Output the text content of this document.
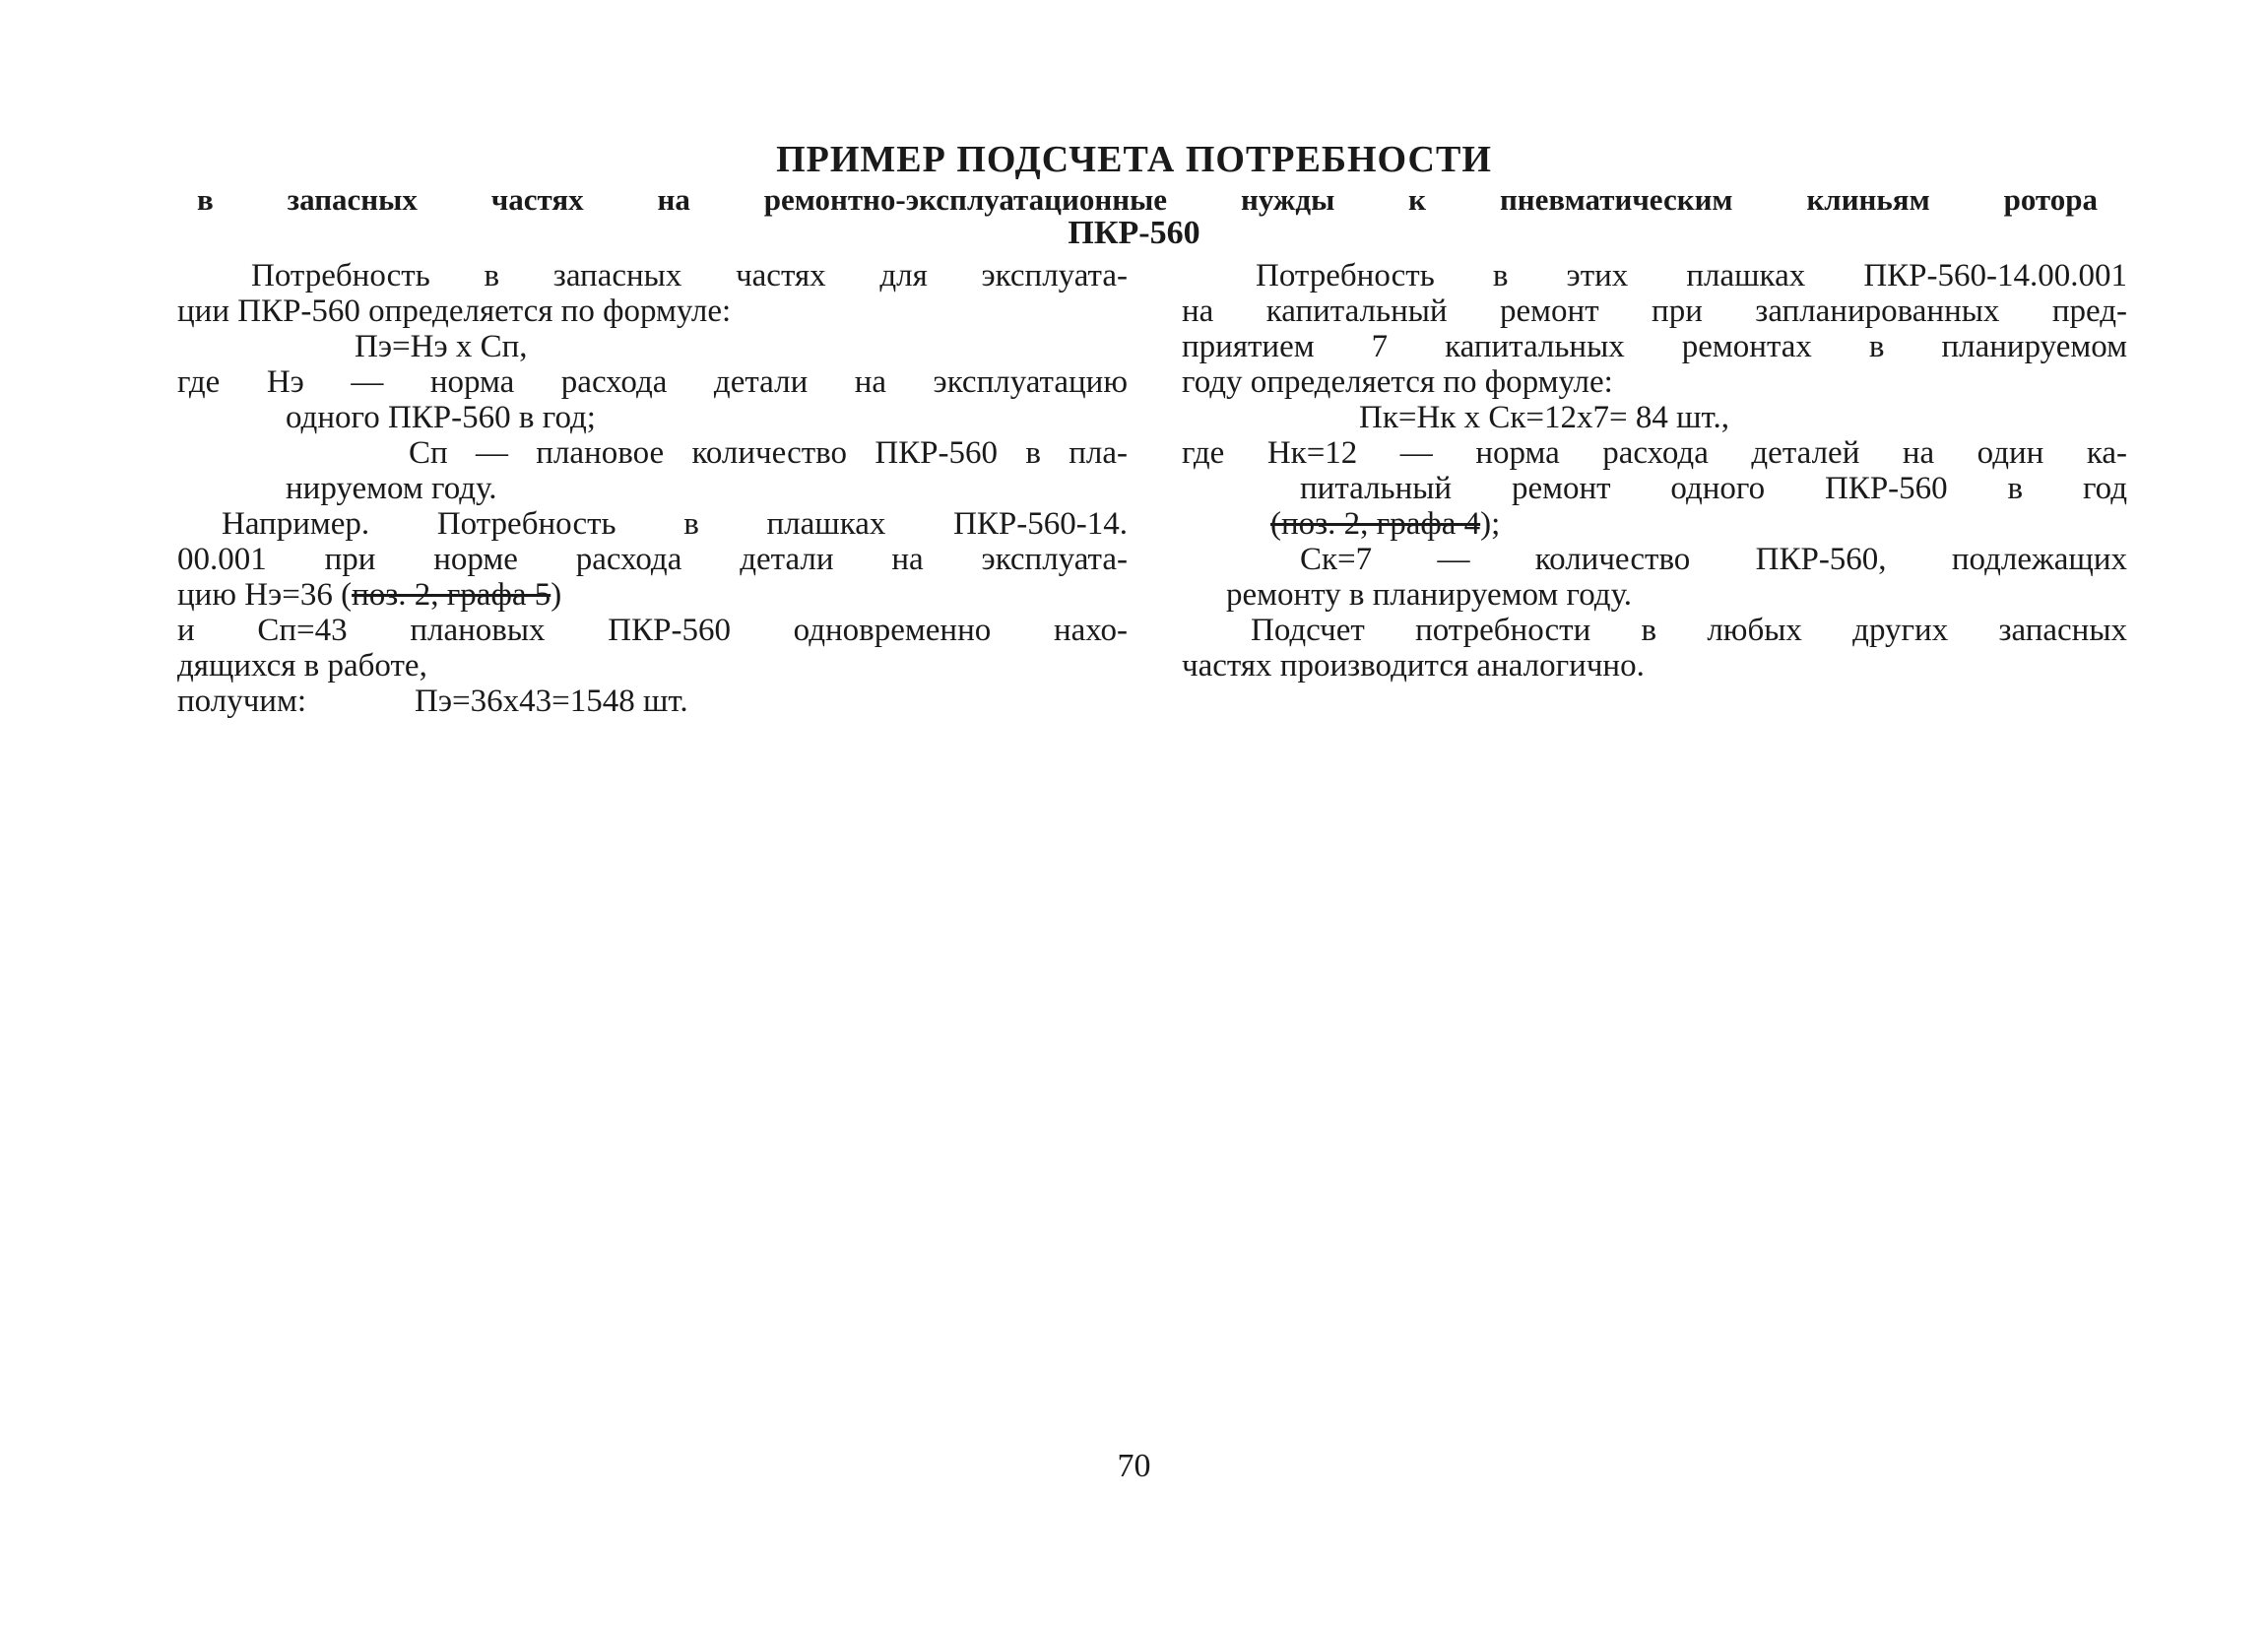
ПРИМЕР ПОДСЧЕТА ПОТРЕБНОСТИ
в запасных частях на ремонтно-эксплуатационные нужды к пневматическим клиньям ротора
ПКР-560
Потребность в запасных частях для эксплуата-
ции ПКР-560 определяется по формуле:
Пэ=Нэ х Сп,
где Нэ — норма расхода детали на эксплуатацию
одного ПКР-560 в год;
Сп — плановое количество ПКР-560 в пла-
нируемом году.
Например. Потребность в плашках ПКР-560-14.
00.001 при норме расхода детали на эксплуата-
цию Нэ=36 (поз. 2, графа 5)
и Сп=43 плановых ПКР-560 одновременно нахо-
дящихся в работе,
получим:	Пэ=36х43=1548 шт.
Потребность в этих плашках ПКР-560-14.00.001
на капитальный ремонт при запланированных пред-
приятием 7 капитальных ремонтах в планируемом
году определяется по формуле:
Пк=Нк х Ск=12х7= 84 шт.,
где Нк=12 — норма расхода деталей на один ка-
питальный ремонт одного ПКР-560 в год
(поз. 2, графа 4);
Ск=7 — количество ПКР-560, подлежащих
ремонту в планируемом году.
Подсчет потребности в любых других запасных
частях производится аналогично.
70
